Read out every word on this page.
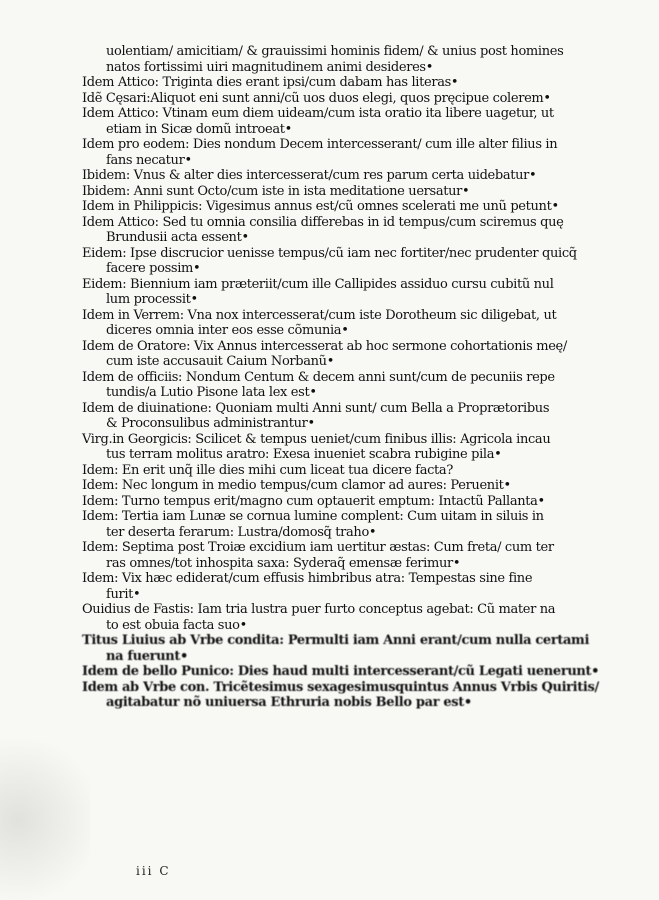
uolentiam/ amicitiam/ & grauissimi hominis fidem/ & unius post homines
natos fortissimi uiri magnitudinem animi desideres•
Idem Attico: Triginta dies erant ipsi/cum dabam has literas•
Idẽ Cęsari:Aliquot eni sunt anni/cũ uos duos elegi, quos pręcipue colerem•
Idem Attico: Vtinam eum diem uideam/cum ista oratio ita libere uagetur, ut
etiam in Sicæ domũ introeat•
Idem pro eodem: Dies nondum Decem intercesserant/ cum ille alter filius in
fans necatur•
Ibidem: Vnus & alter dies intercesserat/cum res parum certa uidebatur•
Ibidem: Anni sunt Octo/cum iste in ista meditatione uersatur•
Idem in Philippicis: Vigesimus annus est/cũ omnes scelerati me unũ petunt•
Idem Attico: Sed tu omnia consilia differebas in id tempus/cum sciremus quę
Brundusii acta essent•
Eidem: Ipse discrucior uenisse tempus/cũ iam nec fortiter/nec prudenter quicq̃
facere possim•
Eidem: Biennium iam præteriit/cum ille Callipides assiduo cursu cubitũ nul
lum processit•
Idem in Verrem: Vna nox intercesserat/cum iste Dorotheum sic diligebat, ut
diceres omnia inter eos esse cõmunia•
Idem de Oratore: Vix Annus intercesserat ab hoc sermone cohortationis meę/
cum iste accusauit Caium Norbanũ•
Idem de officiis: Nondum Centum & decem anni sunt/cum de pecuniis repe
tundis/a Lutio Pisone lata lex est•
Idem de diuinatione: Quoniam multi Anni sunt/ cum Bella a Proprætoribus
& Proconsulibus administrantur•
Virg.in Georgicis: Scilicet & tempus ueniet/cum finibus illis: Agricola incau
tus terram molitus aratro: Exesa inueniet scabra rubigine pila•
Idem: En erit unq̃ ille dies mihi cum liceat tua dicere facta?
Idem: Nec longum in medio tempus/cum clamor ad aures: Peruenit•
Idem: Turno tempus erit/magno cum optauerit emptum: Intactũ Pallanta•
Idem: Tertia iam Lunæ se cornua lumine complent: Cum uitam in siluis in
ter deserta ferarum: Lustra/domosq̃ traho•
Idem: Septima post Troiæ excidium iam uertitur æstas: Cum freta/ cum ter
ras omnes/tot inhospita saxa: Syderaq̃ emensæ ferimur•
Idem: Vix hæc ediderat/cum effusis himbribus atra: Tempestas sine fine
furit•
Ouidius de Fastis: Iam tria lustra puer furto conceptus agebat: Cũ mater na
to est obuia facta suo•
Titus Liuius ab Vrbe condita: Permulti iam Anni erant/cum nulla certami
na fuerunt•
Idem de bello Punico: Dies haud multi intercesserant/cũ Legati uenerunt•
Idem ab Vrbe con. Tricẽtesimus sexagesimusquintus Annus Vrbis Quiritis/
agitabatur nõ uniuersa Ethruria nobis Bello par est•
iii C
